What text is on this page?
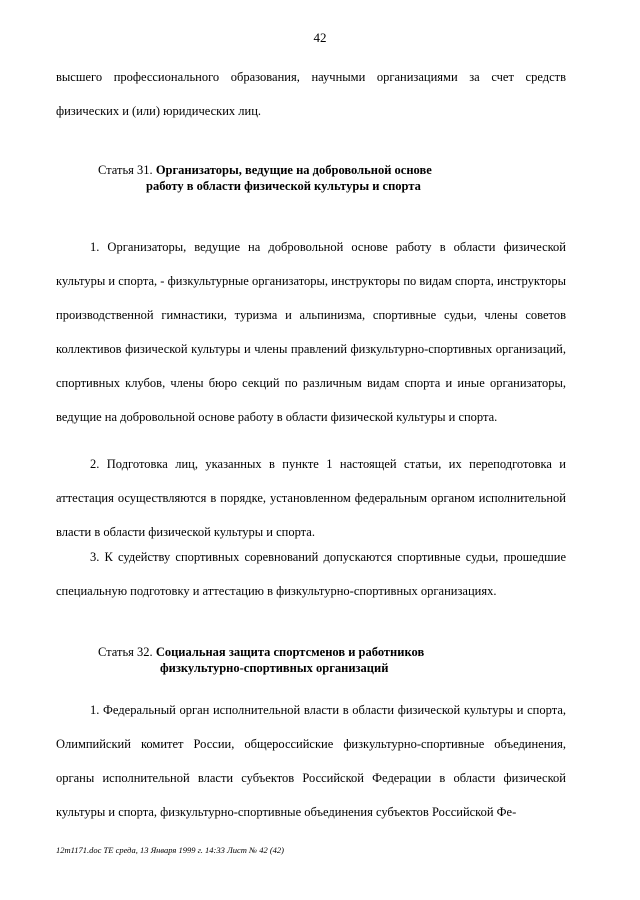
42

высшего профессионального образования, научными организациями за счет средств физических и (или) юридических лиц.

Статья 31. Организаторы, ведущие на добровольной основе
работу в области физической культуры и спорта

1. Организаторы, ведущие на добровольной основе работу в области физической культуры и спорта, - физкультурные организаторы, инструкторы по видам спорта, инструкторы производственной гимнастики, туризма и альпинизма, спортивные судьи, члены советов коллективов физической культуры и члены правлений физкультурно-спортивных организаций, спортивных клубов, члены бюро секций по различным видам спорта и иные организаторы, ведущие на добровольной основе работу в области физической культуры и спорта.

2. Подготовка лиц, указанных в пункте 1 настоящей статьи, их переподготовка и аттестация осуществляются в порядке, установленном федеральным органом исполнительной власти в области физической культуры и спорта.

3. К судейству спортивных соревнований допускаются спортивные судьи, прошедшие специальную подготовку и аттестацию в физкультурно-спортивных организациях.

Статья 32. Социальная защита спортсменов и работников
физкультурно-спортивных организаций

1. Федеральный орган исполнительной власти в области физической культуры и спорта, Олимпийский комитет России, общероссийские физкультурно-спортивные объединения, органы исполнительной власти субъектов Российской Федерации в области физической культуры и спорта, физкультурно-спортивные объединения субъектов Российской Фе-

12m1171.doc ТЕ среда, 13 Января 1999 г. 14:33 Лист № 42 (42)
